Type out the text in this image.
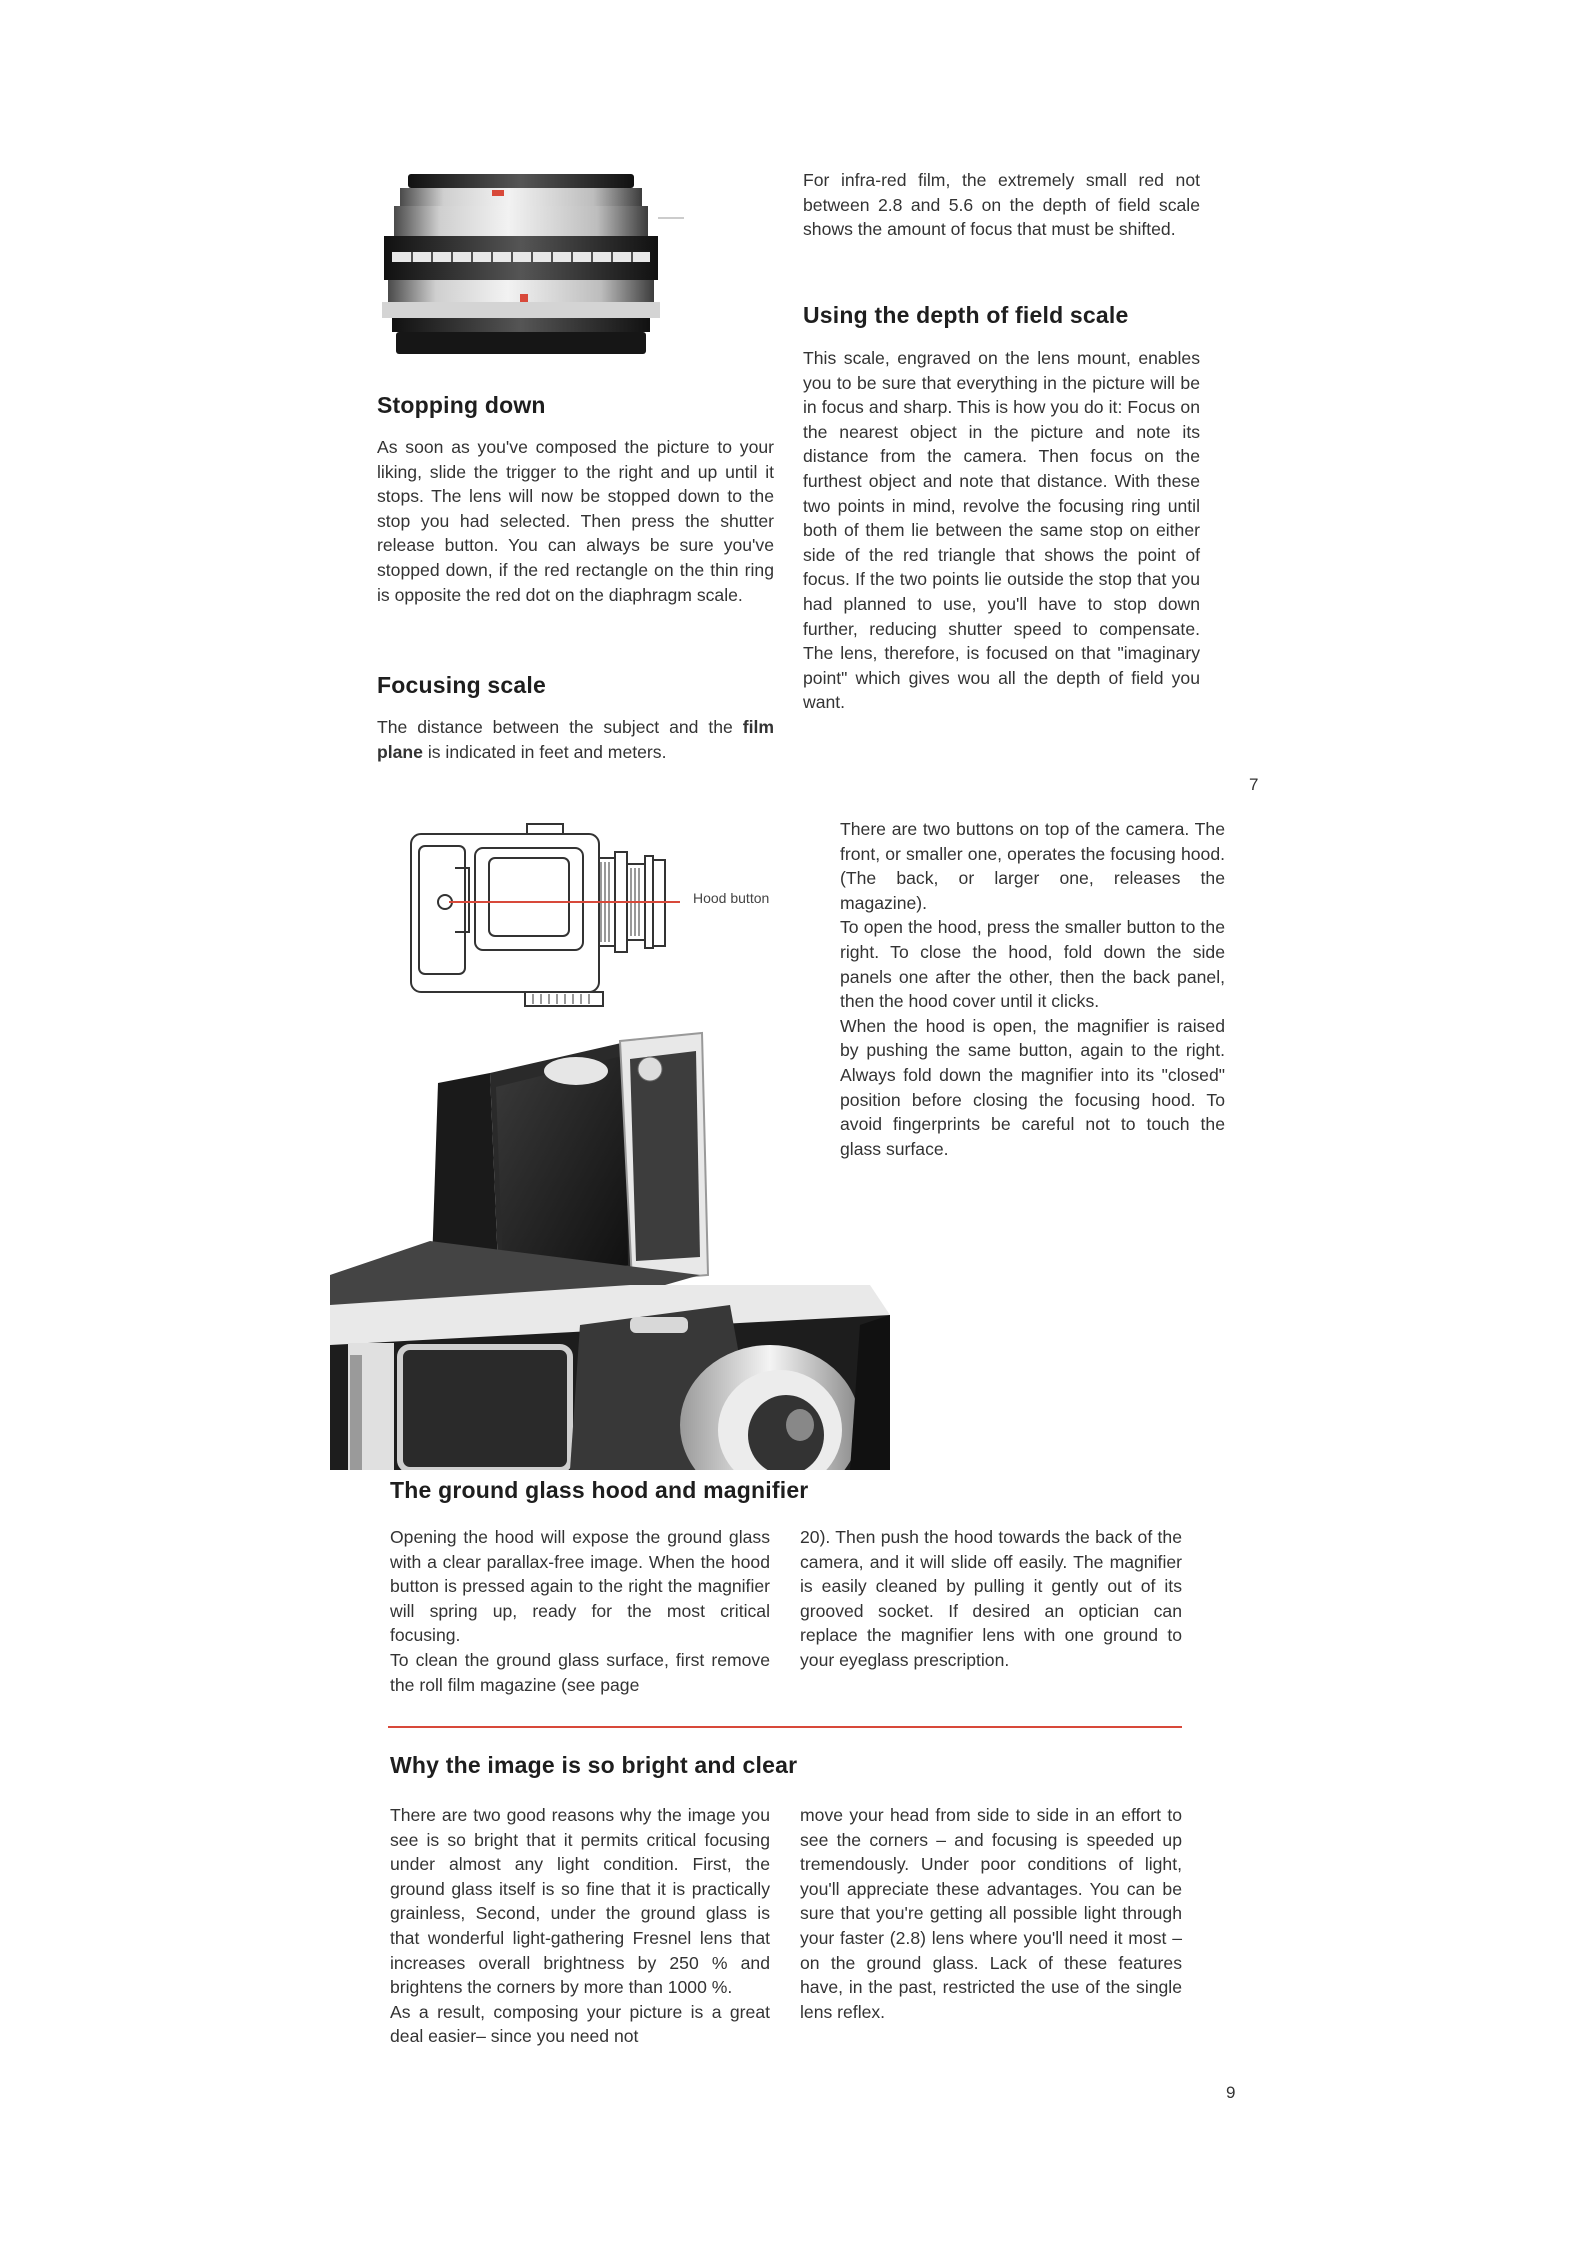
Stopping down

As soon as you've composed the picture to your liking, slide the trigger to the right and up until it stops. The lens will now be stopped down to the stop you had selected. Then press the shutter release button. You can always be sure you've stopped down, if the red rectangle on the thin ring is opposite the red dot on the diaphragm scale.

Focusing scale

The distance between the subject and the film plane is indicated in feet and meters.

For infra-red film, the extremely small red not between 2.8 and 5.6 on the depth of field scale shows the amount of focus that must be shifted.

Using the depth of field scale

This scale, engraved on the lens mount, enables you to be sure that everything in the picture will be in focus and sharp. This is how you do it: Focus on the nearest object in the picture and note its distance from the camera. Then focus on the furthest object and note that distance. With these two points in mind, revolve the focusing ring until both of them lie between the same stop on either side of the red triangle that shows the point of focus. If the two points lie outside the stop that you had planned to use, you'll have to stop down further, reducing shutter speed to compensate. The lens, therefore, is focused on that "imaginary point" which gives wou all the depth of field you want.

7
Hood button

There are two buttons on top of the camera. The front, or smaller one, operates the focusing hood. (The back, or larger one, releases the magazine).

To open the hood, press the smaller button to the right. To close the hood, fold down the side panels one after the other, then the back panel, then the hood cover until it clicks.

When the hood is open, the magnifier is raised by pushing the same button, again to the right. Always fold down the magnifier into its "closed" position before closing the focusing hood. To avoid fingerprints be careful not to touch the glass surface.

The ground glass hood and magnifier

Opening the hood will expose the ground glass with a clear parallax-free image. When the hood button is pressed again to the right the magnifier will spring up, ready for the most critical focusing.

To clean the ground glass surface, first remove the roll film magazine (see page

20). Then push the hood towards the back of the camera, and it will slide off easily. The magnifier is easily cleaned by pulling it gently out of its grooved socket. If desired an optician can replace the magnifier lens with one ground to your eyeglass prescription.

Why the image is so bright and clear

There are two good reasons why the image you see is so bright that it permits critical focusing under almost any light condition. First, the ground glass itself is so fine that it is practically grainless, Second, under the ground glass is that wonderful light-gathering Fresnel lens that increases overall brightness by 250 % and brightens the corners by more than 1000 %.

As a result, composing your picture is a great deal easier– since you need not

move your head from side to side in an effort to see the corners – and focusing is speeded up tremendously. Under poor conditions of light, you'll appreciate these advantages. You can be sure that you're getting all possible light through your faster (2.8) lens where you'll need it most – on the ground glass. Lack of these features have, in the past, restricted the use of the single lens reflex.

9
